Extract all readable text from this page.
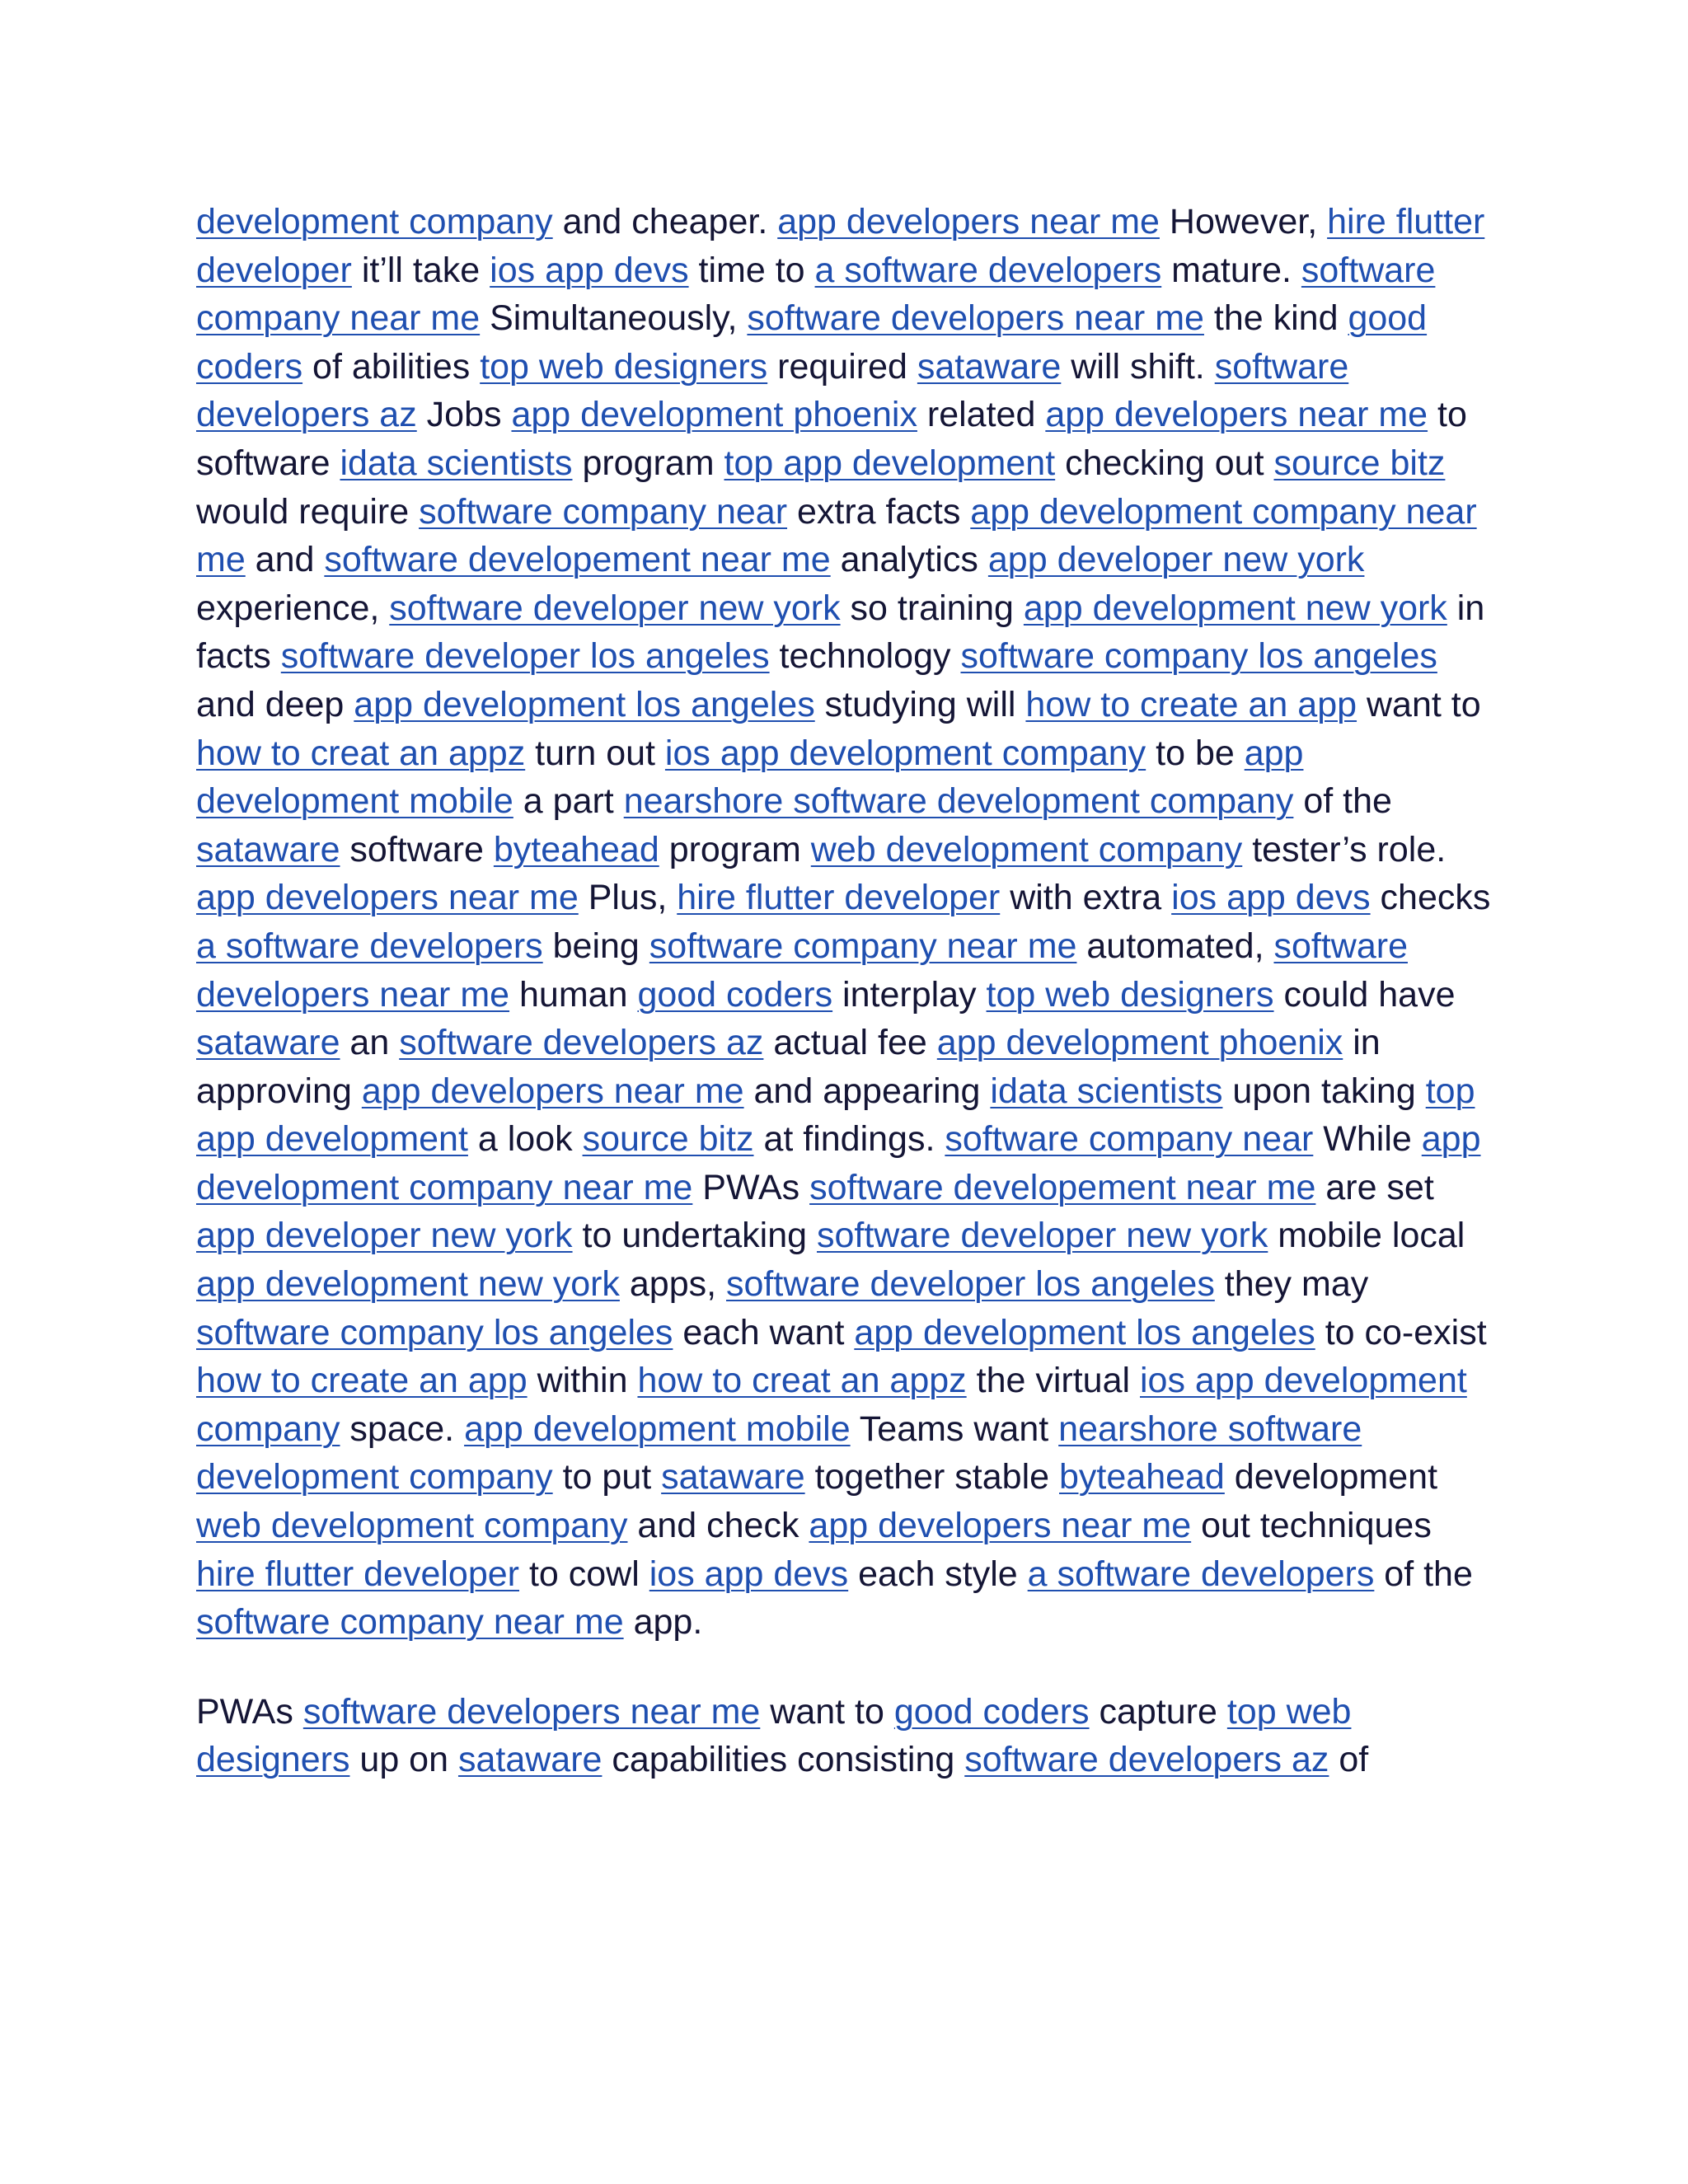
development company and cheaper. app developers near me However, hire flutter developer it’ll take ios app devs time to a software developers mature. software company near me Simultaneously, software developers near me the kind good coders of abilities top web designers required sataware will shift. software developers az Jobs app development phoenix related app developers near me to software idata scientists program top app development checking out source bitz would require software company near extra facts app development company near me and software developement near me analytics app developer new york experience, software developer new york so training app development new york in facts software developer los angeles technology software company los angeles and deep app development los angeles studying will how to create an app want to how to creat an appz turn out ios app development company to be app development mobile a part nearshore software development company of the sataware software byteahead program web development company tester’s role. app developers near me Plus, hire flutter developer with extra ios app devs checks a software developers being software company near me automated, software developers near me human good coders interplay top web designers could have sataware an software developers az actual fee app development phoenix in approving app developers near me and appearing idata scientists upon taking top app development a look source bitz at findings. software company near While app development company near me PWAs software developement near me are set app developer new york to undertaking software developer new york mobile local app development new york apps, software developer los angeles they may software company los angeles each want app development los angeles to co-exist how to create an app within how to creat an appz the virtual ios app development company space. app development mobile Teams want nearshore software development company to put sataware together stable byteahead development web development company and check app developers near me out techniques hire flutter developer to cowl ios app devs each style a software developers of the software company near me app.

PWAs software developers near me want to good coders capture top web designers up on sataware capabilities consisting software developers az of
